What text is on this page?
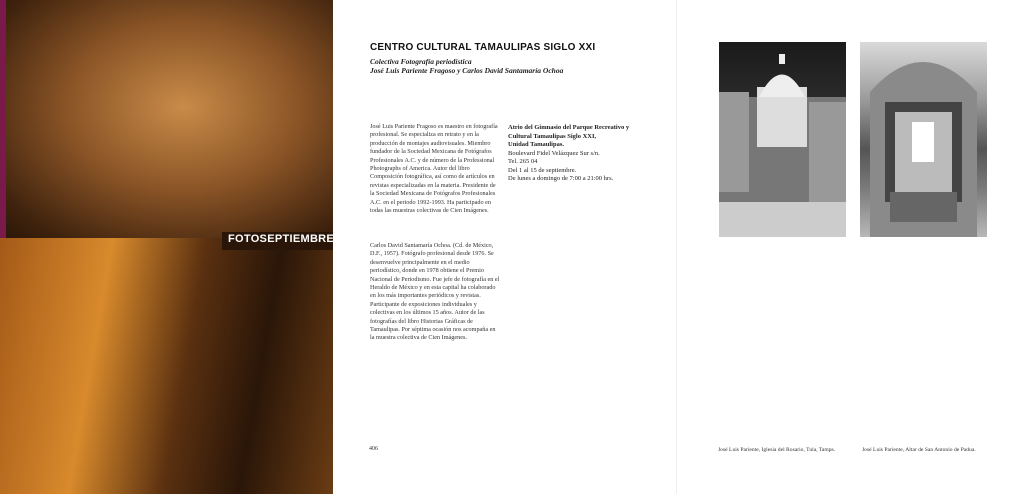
FOTOSEPTIEMBRE
CENTRO CULTURAL TAMAULIPAS SIGLO XXI
Colectiva Fotografía periodística
José Luis Pariente Fragoso y Carlos David Santamaría Ochoa
José Luis Pariente Fragoso es maestro en fotografía profesional. Se especializa en retrato y en la producción de montajes audiovisuales. Miembro fundador de la Sociedad Mexicana de Fotógrafos Profesionales A.C. y de número de la Professional Photographs of America. Autor del libro Composición fotográfica, así como de artículos en revistas especializadas en la materia. Presidente de la Sociedad Mexicana de Fotógrafos Profesionales A.C. en el periodo 1992-1993. Ha participado en todas las muestras colectivas de Cien Imágenes.
Carlos David Santamaría Ochoa. (Cd. de México, D.F., 1957). Fotógrafo profesional desde 1976. Se desenvuelve principalmente en el medio periodístico, donde en 1978 obtiene el Premio Nacional de Periodismo. Fue jefe de fotografía en el Heraldo de México y en esta capital ha colaborado en los más importantes periódicos y revistas. Participante de exposiciones individuales y colectivas en los últimos 15 años. Autor de las fotografías del libro Historias Gráficas de Tamaulipas. Por séptima ocasión nos acompaña en la muestra colectiva de Cien Imágenes.
Atrio del Gimnasio del Parque Recreativo y
Cultural Tamaulipas Siglo XXI,
Unidad Tamaulipas.
Boulevard Fidel Velázquez Sur s/n.
Tel. 265 04
Del 1 al 15 de septiembre.
De lunes a domingo de 7:00 a 21:00 hrs.
406	José Luis Pariente, Iglesia del Rosario, Tula, Tamps.	José Luis Pariente, Altar de San Antonio de Padua.
